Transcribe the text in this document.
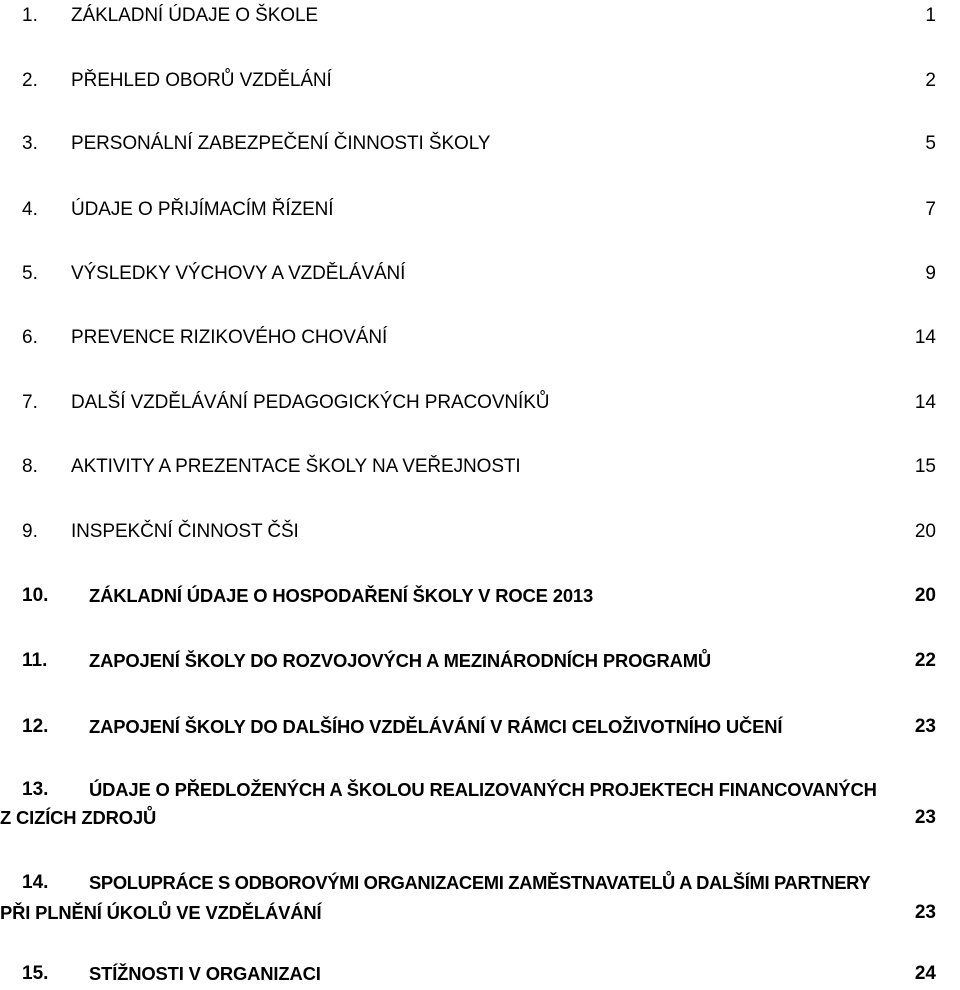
1. ZÁKLADNÍ ÚDAJE O ŠKOLE	1
2. PŘEHLED OBORŮ VZDĚLÁNÍ	2
3. PERSONÁLNÍ ZABEZPEČENÍ ČINNOSTI ŠKOLY	5
4. ÚDAJE O PŘIJÍMACÍM ŘÍZENÍ	7
5. VÝSLEDKY VÝCHOVY A VZDĚLÁVÁNÍ	9
6. PREVENCE RIZIKOVÉHO CHOVÁNÍ	14
7. DALŠÍ VZDĚLÁVÁNÍ PEDAGOGICKÝCH PRACOVNÍKŮ	14
8. AKTIVITY A PREZENTACE ŠKOLY NA VEŘEJNOSTI	15
9. INSPEKČNÍ ČINNOST ČŠI	20
10. ZÁKLADNÍ ÚDAJE O HOSPODAŘENÍ ŠKOLY V ROCE 2013	20
11. ZAPOJENÍ ŠKOLY DO ROZVOJOVÝCH A MEZINÁRODNÍCH PROGRAMŮ	22
12. ZAPOJENÍ ŠKOLY DO DALŠÍHO VZDĚLÁVÁNÍ V RÁMCI CELOŽIVOTNÍHO UČENÍ	23
13. ÚDAJE O PŘEDLOŽENÝCH A ŠKOLOU REALIZOVANÝCH PROJEKTECH FINANCOVANÝCH
Z CIZÍCH ZDROJŮ	23
14. SPOLUPRÁCE S ODBOROVÝMI ORGANIZACEMI ZAMĚSTNAVATELŮ A DALŠÍMI PARTNERY
PŘI PLNĚNÍ ÚKOLŮ VE VZDĚLÁVÁNÍ	23
15. STÍŽNOSTI V ORGANIZACI	24
